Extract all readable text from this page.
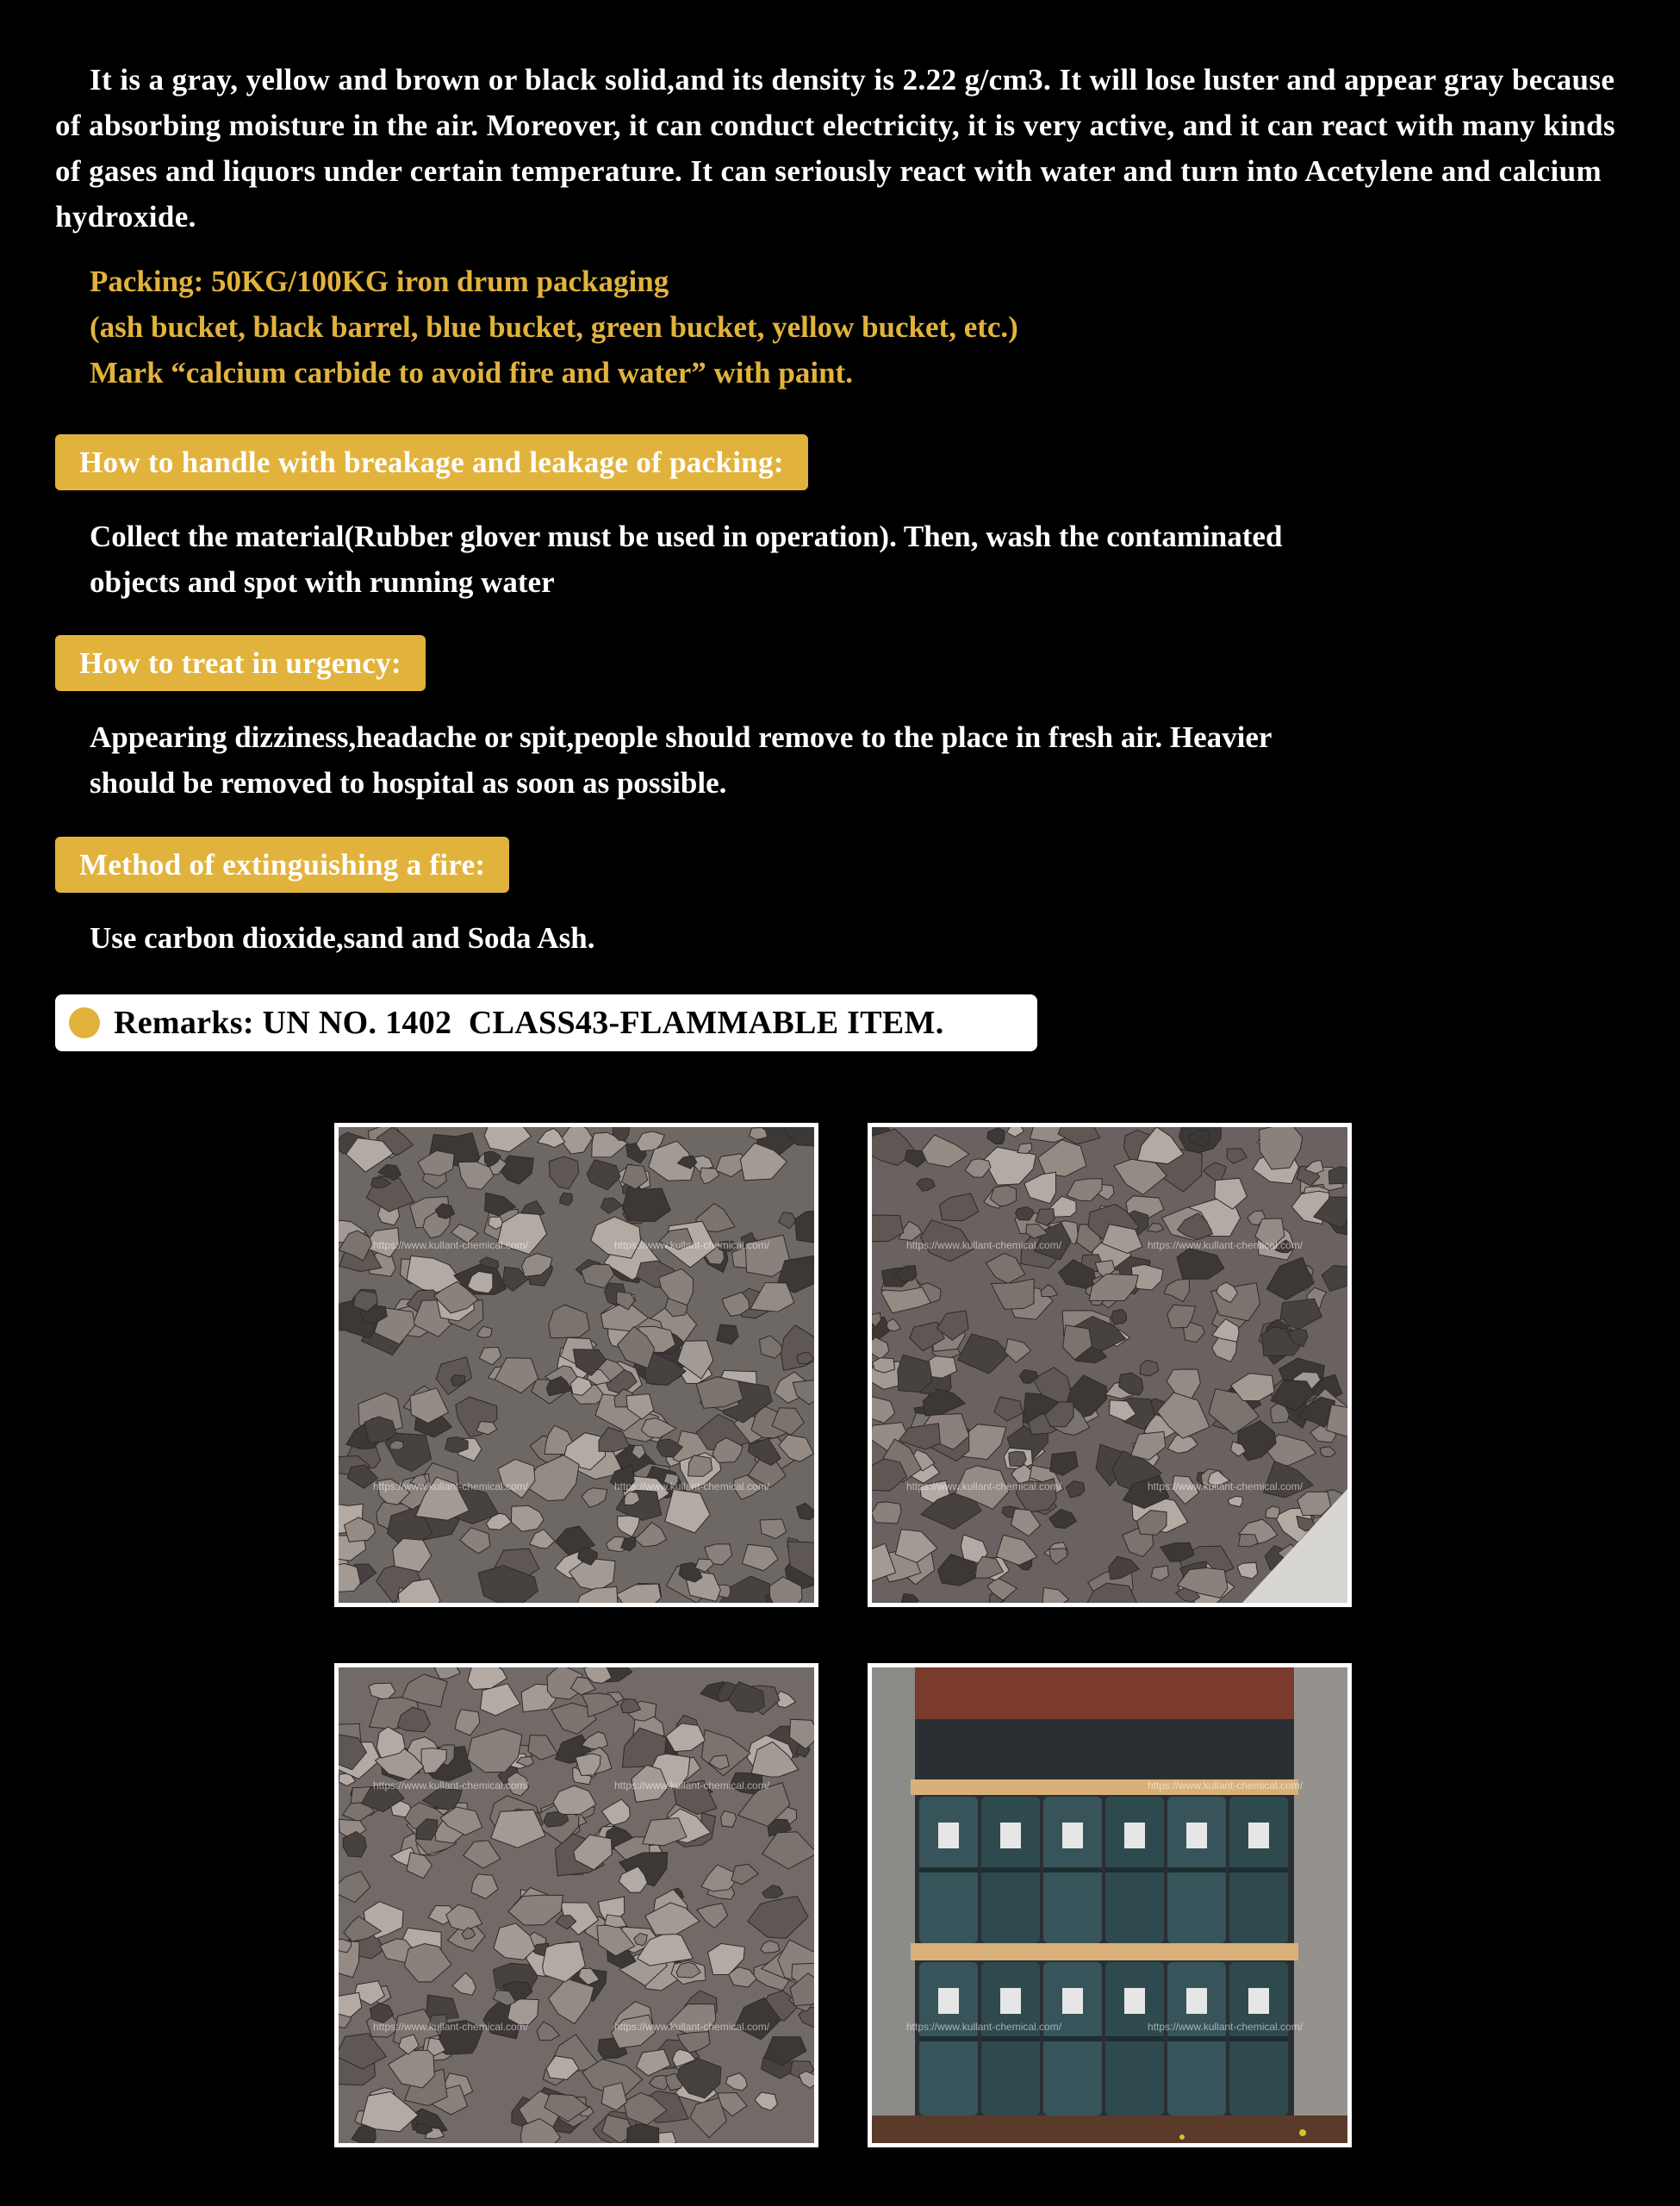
It is a gray, yellow and brown or black solid,and its density is 2.22 g/cm3. It will lose luster and appear gray because of absorbing moisture in the air. Moreover, it can conduct electricity, it is very active, and it can react with many kinds of gases and liquors under certain temperature. It can seriously react with water and turn into Acetylene and calcium hydroxide.
Packing: 50KG/100KG iron drum packaging
(ash bucket, black barrel, blue bucket, green bucket, yellow bucket, etc.)
Mark “calcium carbide to avoid fire and water” with paint.
How to handle with breakage and leakage of packing:
Collect the material(Rubber glover must be used in operation). Then, wash the contaminated
objects and spot with running water
How to treat in urgency:
Appearing dizziness,headache or spit,people should remove to the place in fresh air. Heavier
should be removed to hospital as soon as possible.
Method of extinguishing a fire:
Use carbon dioxide,sand and Soda Ash.
Remarks: UN NO. 1402  CLASS43-FLAMMABLE ITEM.
https://www.kullant-chemical.com/	https://www.kullant-chemical.com/
https://www.kullant-chemical.com/	https://www.kullant-chemical.com/
https://www.kullant-chemical.com/	https://www.kullant-chemical.com/
https://www.kullant-chemical.com/	https://www.kullant-chemical.com/
https://www.kullant-chemical.com/	https://www.kullant-chemical.com/
https://www.kullant-chemical.com/	https://www.kullant-chemical.com/
https://www.kullant-chemical.com/
https://www.kullant-chemical.com/	https://www.kullant-chemical.com/
